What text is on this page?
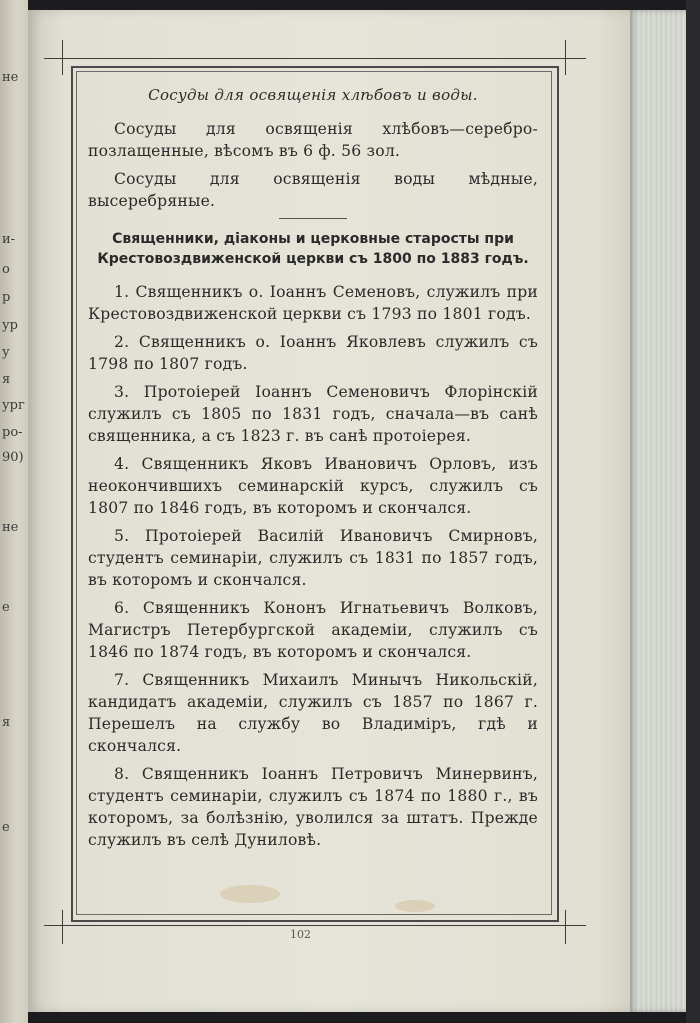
не
и-
о
р
ур
у
я
ург
ро-
90)
не
е
я
е
Сосуды для освященія хлѣбовъ и воды.

Сосуды для освященія хлѣбовъ—серебро-позлащенные, вѣсомъ въ 6 ф. 56 зол.

Сосуды для освященія воды мѣдные, высеребряные.

Священники, діаконы и церковные старосты при Крестовоздвиженской церкви съ 1800 по 1883 годъ.

1. Священникъ о. Іоаннъ Семеновъ, служилъ при Крестовоздвиженской церкви съ 1793 по 1801 годъ.

2. Священникъ о. Іоаннъ Яковлевъ служилъ съ 1798 по 1807 годъ.

3. Протоіерей Іоаннъ Семеновичъ Флорінскій служилъ съ 1805 по 1831 годъ, сначала—въ санѣ священника, а съ 1823 г. въ санѣ протоіерея.

4. Священникъ Яковъ Ивановичъ Орловъ, изъ неокончившихъ семинарскій курсъ, служилъ съ 1807 по 1846 годъ, въ которомъ и скончался.

5. Протоіерей Василій Ивановичъ Смирновъ, студентъ семинаріи, служилъ съ 1831 по 1857 годъ, въ которомъ и скончался.

6. Священникъ Кононъ Игнатьевичъ Волковъ, Магистръ Петербургской академіи, служилъ съ 1846 по 1874 годъ, въ которомъ и скончался.

7. Священникъ Михаилъ Минычъ Никольскій, кандидатъ академіи, служилъ съ 1857 по 1867 г. Перешелъ на службу во Владиміръ, гдѣ и скончался.

8. Священникъ Іоаннъ Петровичъ Минервинъ, студентъ семинаріи, служилъ съ 1874 по 1880 г., въ которомъ, за болѣзнію, уволился за штатъ. Прежде служилъ въ селѣ Дуниловѣ.

102
